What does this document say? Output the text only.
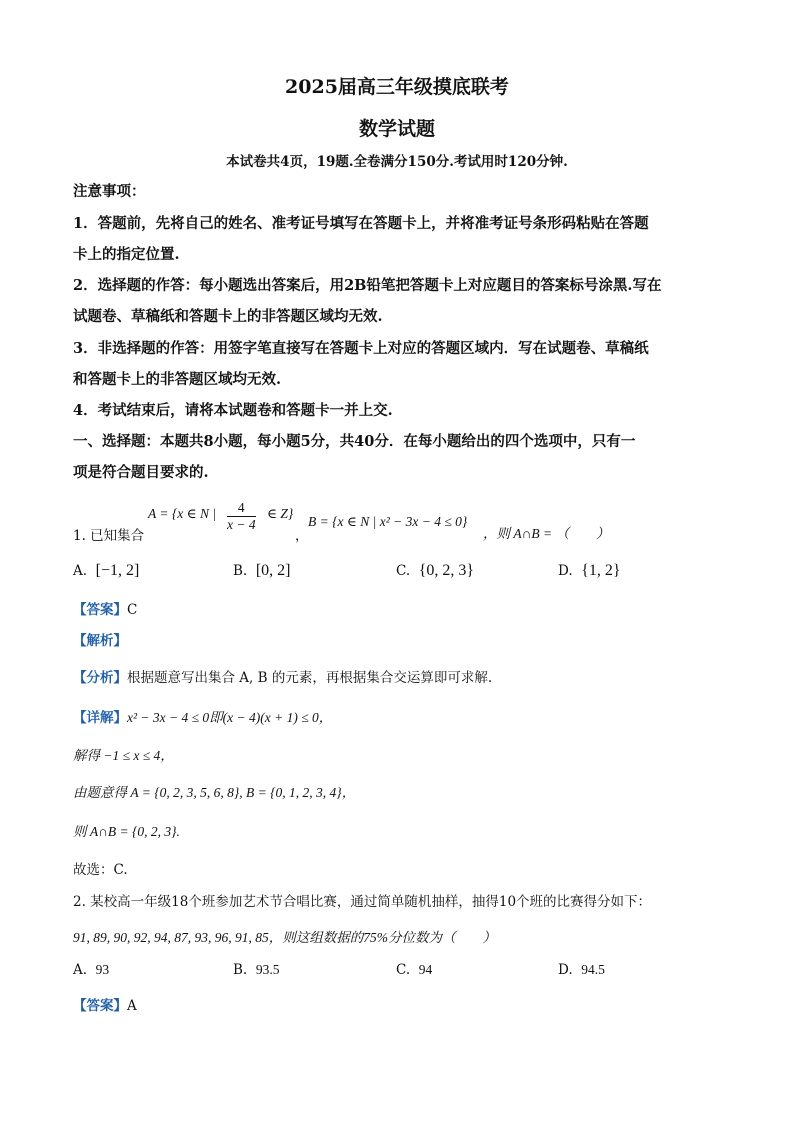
2025届高三年级摸底联考
数学试题
本试卷共4页，19题.全卷满分150分.考试用时120分钟.
注意事项：
1．答题前，先将自己的姓名、准考证号填写在答题卡上，并将准考证号条形码粘贴在答题
卡上的指定位置.
2．选择题的作答：每小题选出答案后，用2B铅笔把答题卡上对应题目的答案标号涂黑.写在
试题卷、草稿纸和答题卡上的非答题区域均无效.
3．非选择题的作答：用签字笔直接写在答题卡上对应的答题区域内．写在试题卷、草稿纸
和答题卡上的非答题区域均无效.
4．考试结束后，请将本试题卷和答题卡一并上交.
一、选择题：本题共8小题，每小题5分，共40分．在每小题给出的四个选项中，只有一
项是符合题目要求的.
1. 已知集合
A = {x ∈ N | $\frac{4}{x - 4}$ ∈ Z}
，
B = {x ∈ N | x² − 3x − 4 ≤ 0}
，则 A∩B = （　　）
A. [−1, 2]	B. [0, 2]	C. {0, 2, 3}	D. {1, 2}
【答案】C
【解析】
【分析】根据题意写出集合 A, B 的元素，再根据集合交运算即可求解.
【详解】x² − 3x − 4 ≤ 0即(x − 4)(x + 1) ≤ 0，
解得 −1 ≤ x ≤ 4，
由题意得 A = {0, 2, 3, 5, 6, 8}, B = {0, 1, 2, 3, 4}，
则 A∩B = {0, 2, 3}.
故选：C.
2. 某校高一年级18个班参加艺术节合唱比赛，通过简单随机抽样，抽得10个班的比赛得分如下：
91, 89, 90, 92, 94, 87, 93, 96, 91, 85，则这组数据的75%分位数为（　　）
A. 93	B. 93.5	C. 94	D. 94.5
【答案】A
